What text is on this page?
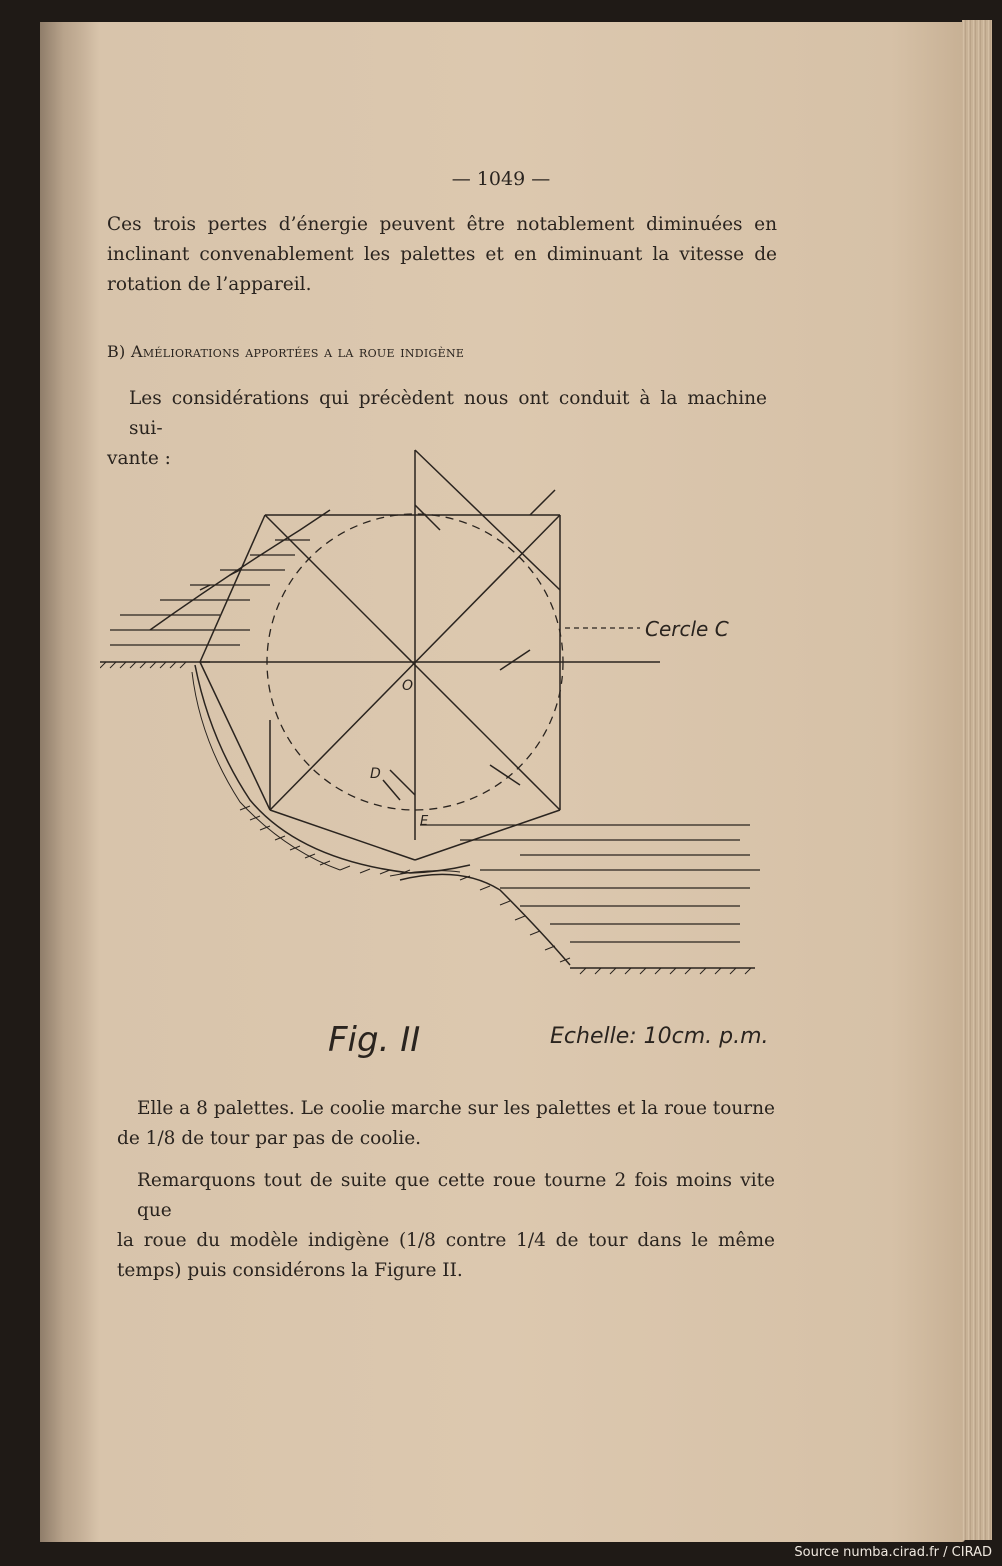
— 1049 —
Ces trois pertes d’énergie peuvent être notablement diminuées en
inclinant convenablement les palettes et en diminuant la vitesse de
rotation de l’appareil.
B) Améliorations apportées a la roue indigène
Les considérations qui précèdent nous ont conduit à la machine sui-
vante :
Cercle C
O
D
E
Fig. II	Echelle: 10cm. p.m.
Elle a 8 palettes. Le coolie marche sur les palettes et la roue tourne
de 1/8 de tour par pas de coolie.
Remarquons tout de suite que cette roue tourne 2 fois moins vite que
la roue du modèle indigène (1/8 contre 1/4 de tour dans le même
temps) puis considérons la Figure II.
Source numba.cirad.fr / CIRAD
